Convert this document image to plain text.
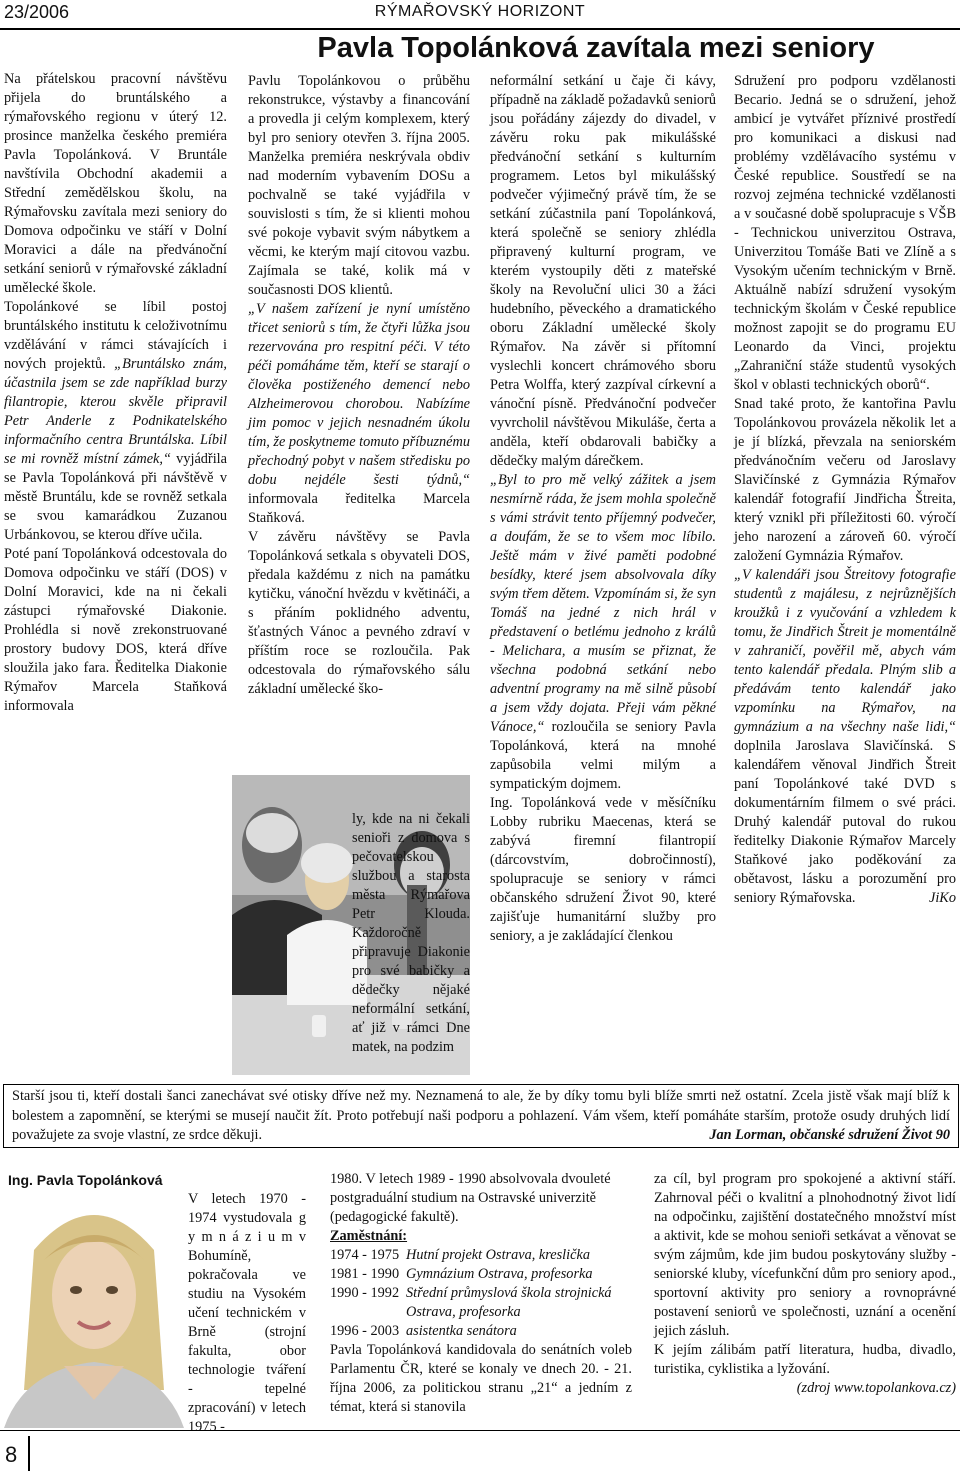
23/2006	RÝMAŘOVSKÝ HORIZONT
Pavla Topolánková zavítala mezi seniory

Na přátelskou pracovní návštěvu přijela do bruntálského a rýmařovského regionu v úterý 12. prosince manželka českého premiéra Pavla Topolánková. V Bruntále navštívila Obchodní akademii a Střední zemědělskou školu, na Rýmařovsku zavítala mezi seniory do Domova odpočinku ve stáří v Dolní Moravici a dále na předvánoční setkání seniorů v rýmařovské základní umělecké škole.

Topolánkové se líbil postoj bruntálského institutu k celoživotnímu vzdělávání v rámci stávajících i nových projektů. „Bruntálsko znám, účastnila jsem se zde například burzy filantropie, kterou skvěle připravil Petr Anderle z Podnikatelského informačního centra Bruntálska. Líbil se mi rovněž místní zámek,“ vyjádřila se Pavla Topolánková při návštěvě v městě Bruntálu, kde se rovněž setkala se svou kamarádkou Zuzanou Urbánkovou, se kterou dříve učila.

Poté paní Topolánková odcestovala do Domova odpočinku ve stáří (DOS) v Dolní Moravici, kde na ni čekali zástupci rýmařovské Diakonie. Prohlédla si nově zrekonstruované prostory budovy DOS, která dříve sloužila jako fara. Ředitelka Diakonie Rýmařov Marcela Staňková informovala

Pavlu Topolánkovou o průběhu rekonstrukce, výstavby a financování a provedla ji celým komplexem, který byl pro seniory otevřen 3. října 2005. Manželka premiéra neskrývala obdiv nad moderním vybavením DOSu a pochvalně se také vyjádřila v souvislosti s tím, že si klienti mohou své pokoje vybavit svým nábytkem a věcmi, ke kterým mají citovou vazbu. Zajímala se také, kolik má v současnosti DOS klientů.

„V našem zařízení je nyní umístěno třicet seniorů s tím, že čtyři lůžka jsou rezervována pro respitní péči. V této péči pomáháme těm, kteří se starají o člověka postiženého demencí nebo Alzheimerovou chorobou. Nabízíme jim pomoc v jejich nesnadném úkolu tím, že poskytneme tomuto příbuznému přechodný pobyt v našem středisku po dobu nejdéle šesti týdnů,“ informovala ředitelka Marcela Staňková.

V závěru návštěvy se Pavla Topolánková setkala s obyvateli DOS, předala každému z nich na památku kytičku, vánoční hvězdu v květináči, a s přáním poklidného adventu, šťastných Vánoc a pevného zdraví v příštím roce se rozloučila. Pak odcestovala do rýmařovského sálu základní umělecké ško-

ly, kde na ni čekali senioři z domova s pečovatelskou službou a starosta města Rýmařova Petr Klouda. Každoročně připravuje Diakonie pro své babičky a dědečky nějaké neformální setkání, ať již v rámci Dne matek, na podzim

neformální setkání u čaje či kávy, případně na základě požadavků seniorů jsou pořádány zájezdy do divadel, v závěru roku pak mikulášské předvánoční setkání s kulturním programem. Letos byl mikulášský podvečer výjimečný právě tím, že se setkání zúčastnila paní Topolánková, která společně se seniory zhlédla připravený kulturní program, ve kterém vystoupily děti z mateřské školy na Revoluční ulici 30 a žáci hudebního, pěveckého a dramatického oboru Základní umělecké školy Rýmařov. Na závěr si přítomní vyslechli koncert chrámového sboru Petra Wolffa, který zazpíval církevní a vánoční písně. Předvánoční podvečer vyvrcholil návštěvou Mikuláše, čerta a anděla, kteří obdarovali babičky a dědečky malým dárečkem.

„Byl to pro mě velký zážitek a jsem nesmírně ráda, že jsem mohla společně s vámi strávit tento příjemný podvečer, a doufám, že se to všem moc líbilo. Ještě mám v živé paměti podobné besídky, které jsem absolvovala díky svým třem dětem. Vzpomínám si, že syn Tomáš na jedné z nich hrál v představení o betlému jednoho z králů - Melichara, a musím se přiznat, že všechna podobná setkání nebo adventní programy na mě silně působí a jsem vždy dojata. Přeji vám pěkné Vánoce,“ rozloučila se seniory Pavla Topolánková, která na mnohé zapůsobila velmi milým a sympatickým dojmem.

Ing. Topolánková vede v měsíčníku Lobby rubriku Maecenas, která se zabývá firemní filantropií (dárcovstvím, dobročinností), spolupracuje se seniory v rámci občanského sdružení Život 90, které zajišťuje humanitární služby pro seniory, a je zakládající členkou

Sdružení pro podporu vzdělanosti Becario. Jedná se o sdružení, jehož ambicí je vytvářet příznivé prostředí pro komunikaci a diskusi nad problémy vzdělávacího systému v České republice. Soustředí se na rozvoj zejména technické vzdělanosti a v současné době spolupracuje s VŠB - Technickou univerzitou Ostrava, Univerzitou Tomáše Bati ve Zlíně a s Vysokým učením technickým v Brně. Aktuálně nabízí sdružení vysokým technickým školám v České republice možnost zapojit se do programu EU Leonardo da Vinci, projektu „Zahraniční stáže studentů vysokých škol v oblasti technických oborů“.

Snad také proto, že kantořina Pavlu Topolánkovou provázela několik let a je jí blízká, převzala na seniorském předvánočním večeru od Jaroslavy Slavičínské z Gymnázia Rýmařov kalendář fotografií Jindřicha Štreita, který vznikl při příležitosti 60. výročí jeho narození a zároveň 60. výročí založení Gymnázia Rýmařov.

„V kalendáři jsou Štreitovy fotografie studentů z majálesu, z nejrůznějších kroužků i z vyučování a vzhledem k tomu, že Jindřich Štreit je momentálně v zahraničí, pověřil mě, abych vám tento kalendář předala. Plným slib a předávám tento kalendář jako vzpomínku na Rýmařov, na gymnázium a na všechny naše lidi,“ doplnila Jaroslava Slavičínská. S kalendářem věnoval Jindřich Štreit paní Topolánkové také DVD s dokumentárním filmem o své práci. Druhý kalendář putoval do rukou ředitelky Diakonie Rýmařov Marcely Staňkové jako poděkování za obětavost, lásku a porozumění pro seniory Rýmařovska.	JiKo

Starší jsou ti, kteří dostali šanci zanechávat své otisky dříve než my. Neznamená to ale, že by díky tomu byli blíže smrti než ostatní. Zcela jistě však mají blíž k bolestem a zapomnění, se kterými se musejí naučit žít. Proto potřebují naši podporu a pohlazení. Vám všem, kteří pomáháte starším, protože osudy druhých lidí považujete za svoje vlastní, ze srdce děkuji.	Jan Lorman, občanské sdružení Život 90
Ing. Pavla Topolánková
V letech 1970 - 1974 vystudovala g y m n á z i u m v Bohumíně, pokračovala ve studiu na Vysokém učení technickém v Brně (strojní fakulta, obor technologie tváření - tepelné zpracování) v letech 1975 -
1980. V letech 1989 - 1990 absolvovala dvouleté postgraduální studium na Ostravské univerzitě (pedagogické fakultě).
Zaměstnání:
1974 - 1975 Hutní projekt Ostrava, kreslička
1981 - 1990 Gymnázium Ostrava, profesorka
1990 - 1992 Střední průmyslová škola strojnická Ostrava, profesorka
1996 - 2003 asistentka senátora
Pavla Topolánková kandidovala do senátních voleb Parlamentu ČR, které se konaly ve dnech 20. - 21. října 2006, za politickou stranu „21“ a jedním z témat, která si stanovila
za cíl, byl program pro spokojené a aktivní stáří. Zahrnoval péči o kvalitní a plnohodnotný život lidí na odpočinku, zajištění dostatečného množství míst a aktivit, kde se mohou senioři setkávat a věnovat se svým zájmům, kde jim budou poskytovány služby - seniorské kluby, vícefunkční dům pro seniory apod., sportovní aktivity pro seniory a rovnoprávné postavení seniorů ve společnosti, uznání a ocenění jejich zásluh.
K jejím zálibám patří literatura, hudba, divadlo, turistika, cyklistika a lyžování.
(zdroj www.topolankova.cz)
8
